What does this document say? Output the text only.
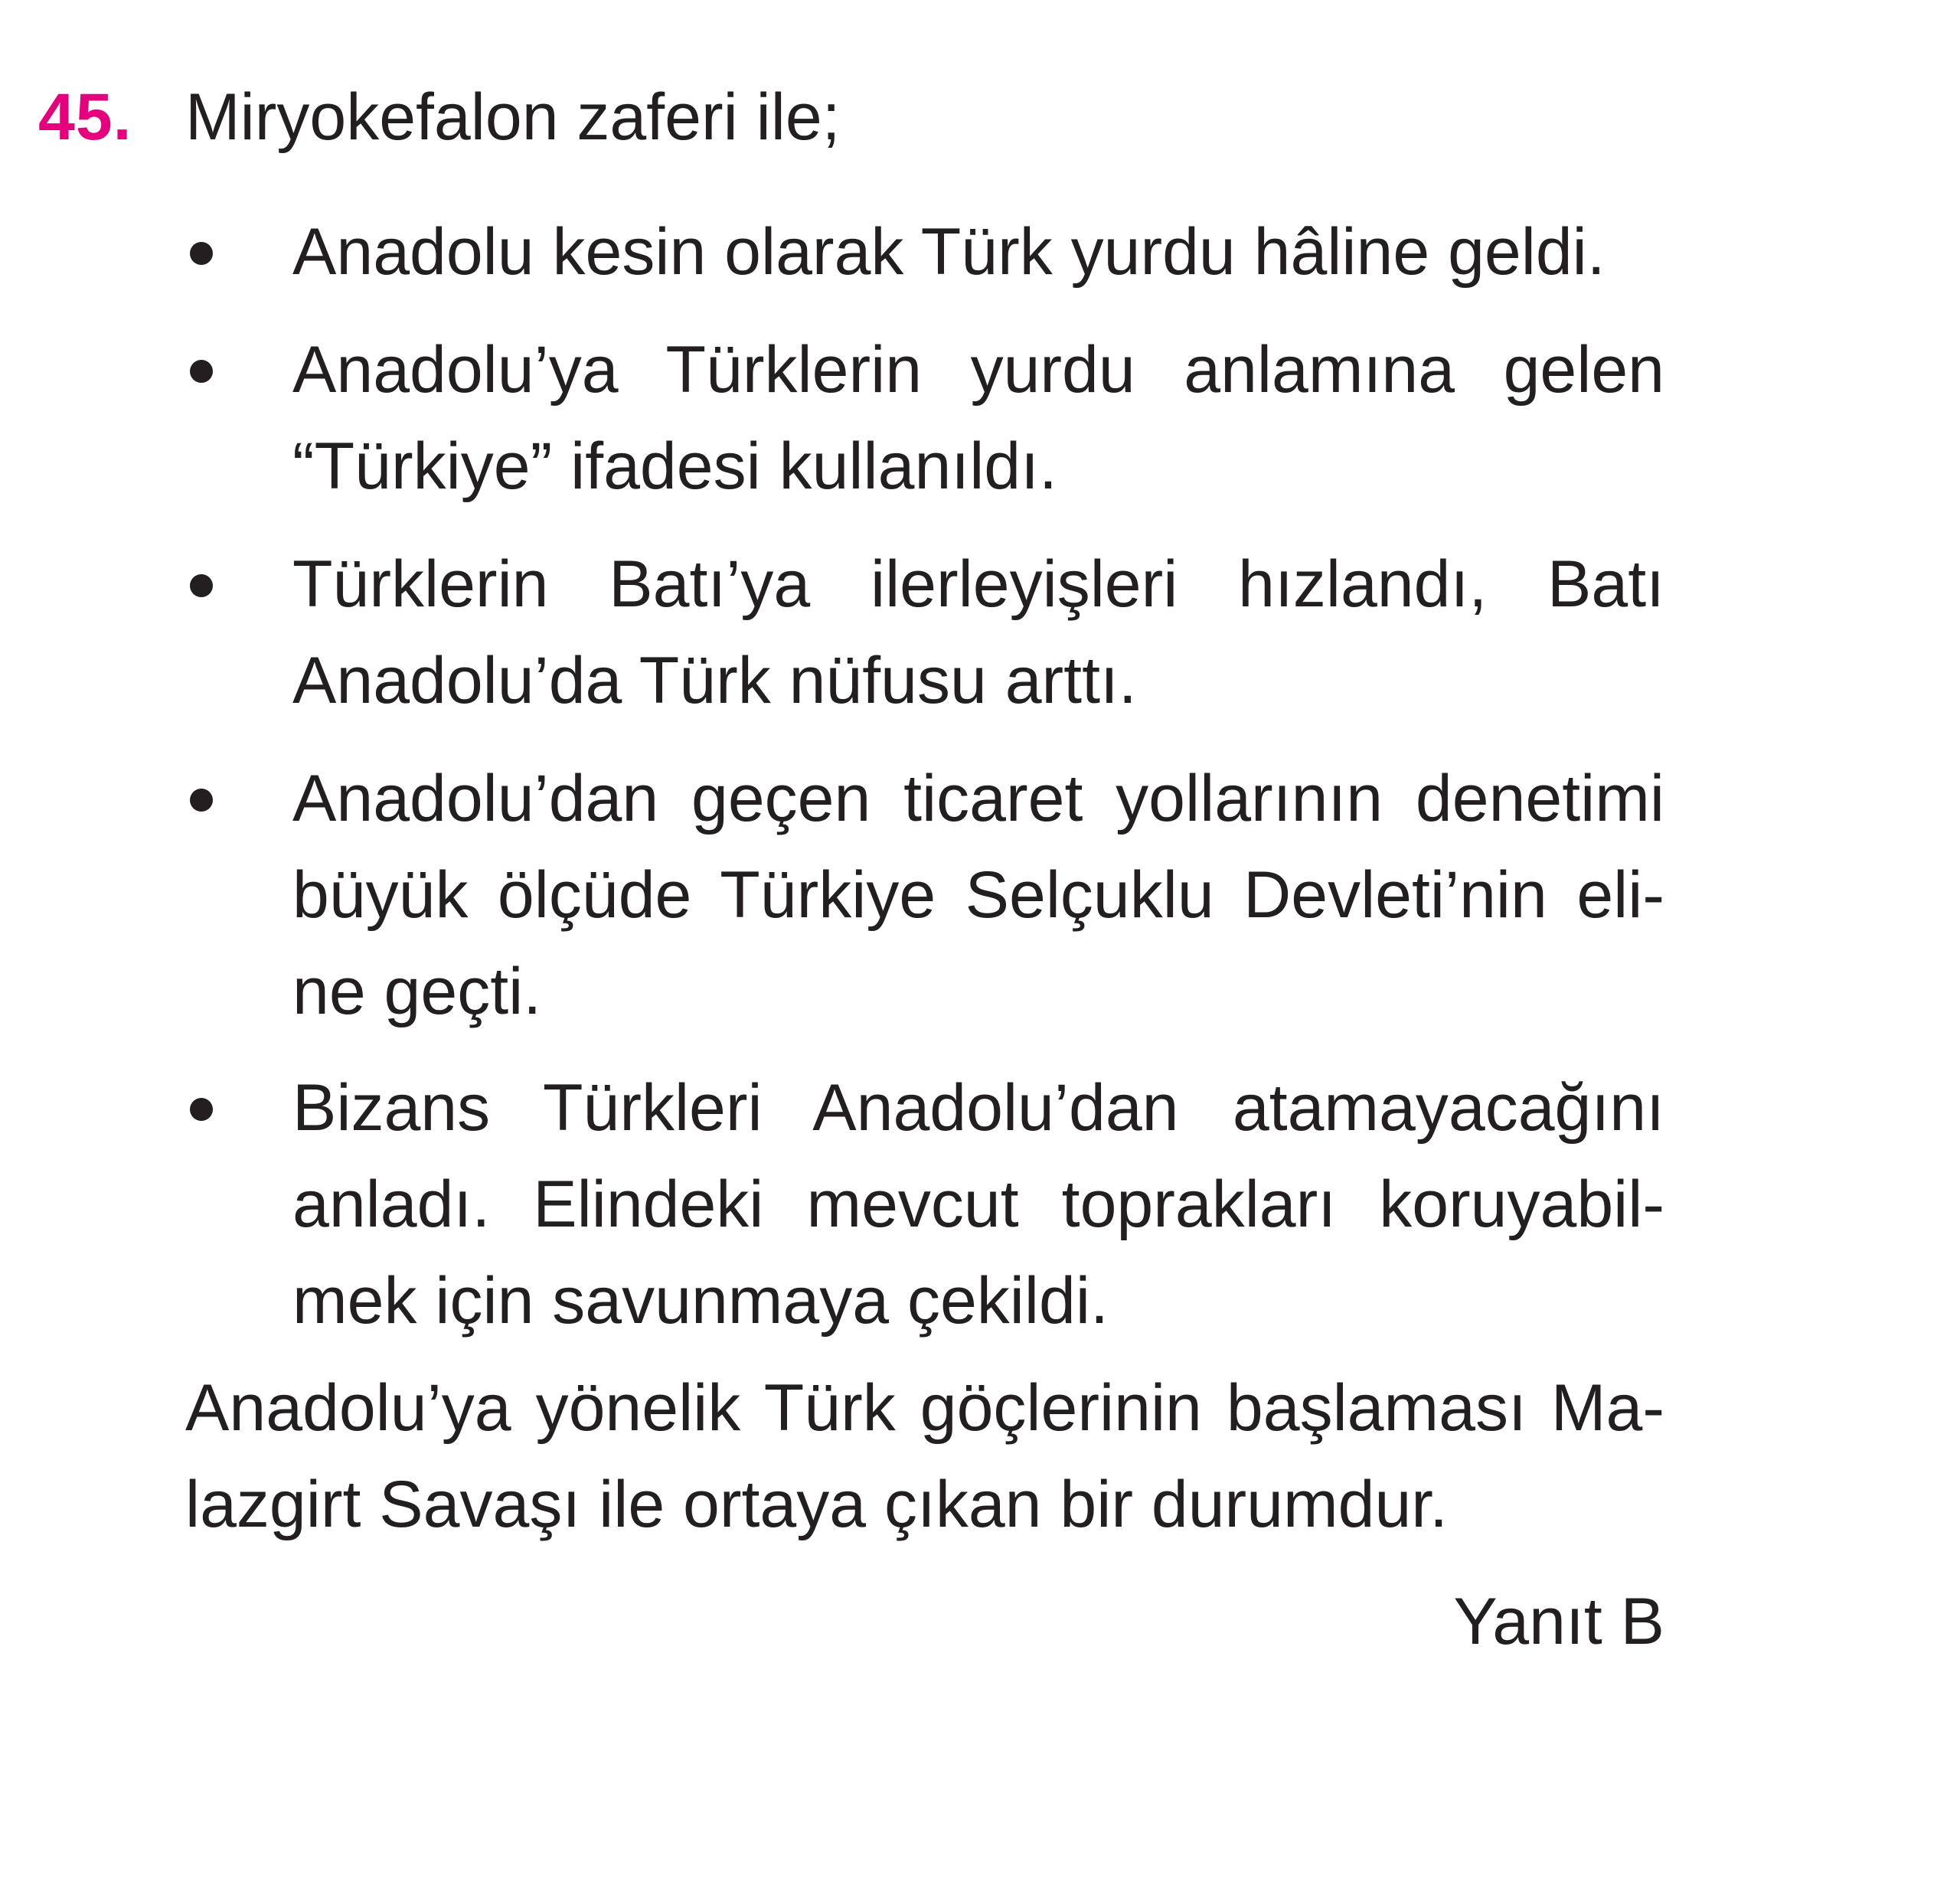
45. Miryokefalon zaferi ile;
Anadolu kesin olarak Türk yurdu hâline geldi.
Anadolu’ya Türklerin yurdu anlamına gelen “Türkiye” ifadesi kullanıldı.
Türklerin Batı’ya ilerleyişleri hızlandı, Batı Anadolu’da Türk nüfusu arttı.
Anadolu’dan geçen ticaret yollarının denetimi büyük ölçüde Türkiye Selçuklu Devleti’nin eli-ne geçti.
Bizans Türkleri Anadolu’dan atamayacağını anladı. Elindeki mevcut toprakları koruyabil-mek için savunmaya çekildi.
Anadolu’ya yönelik Türk göçlerinin başlaması Ma-lazgirt Savaşı ile ortaya çıkan bir durumdur.
Yanıt B
